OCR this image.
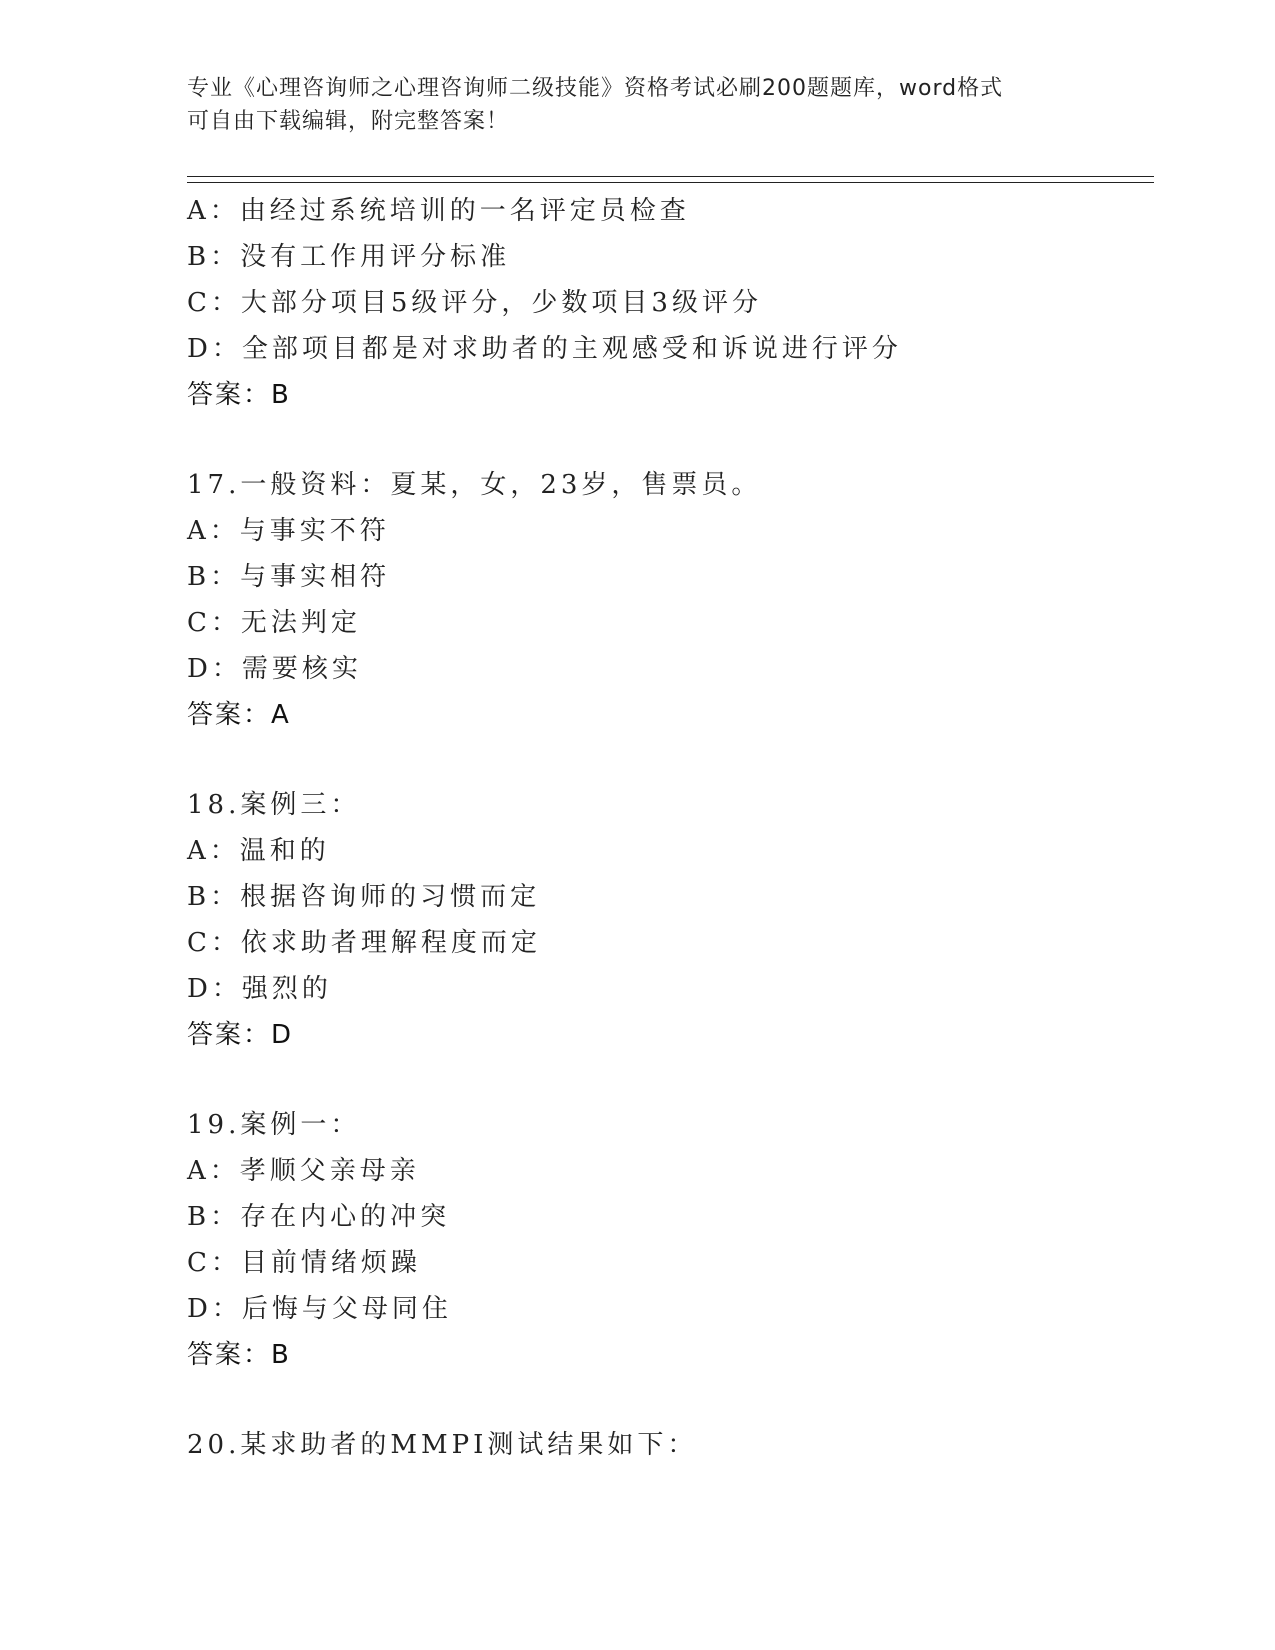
专业《心理咨询师之心理咨询师二级技能》资格考试必刷200题题库，word格式
可自由下载编辑，附完整答案！
A：由经过系统培训的一名评定员检查
B：没有工作用评分标准
C：大部分项目5级评分，少数项目3级评分
D：全部项目都是对求助者的主观感受和诉说进行评分
答案：B
17.一般资料：夏某，女，23岁，售票员。
A：与事实不符
B：与事实相符
C：无法判定
D：需要核实
答案：A
18.案例三：
A：温和的
B：根据咨询师的习惯而定
C：依求助者理解程度而定
D：强烈的
答案：D
19.案例一：
A：孝顺父亲母亲
B：存在内心的冲突
C：目前情绪烦躁
D：后悔与父母同住
答案：B
20.某求助者的MMPI测试结果如下：
